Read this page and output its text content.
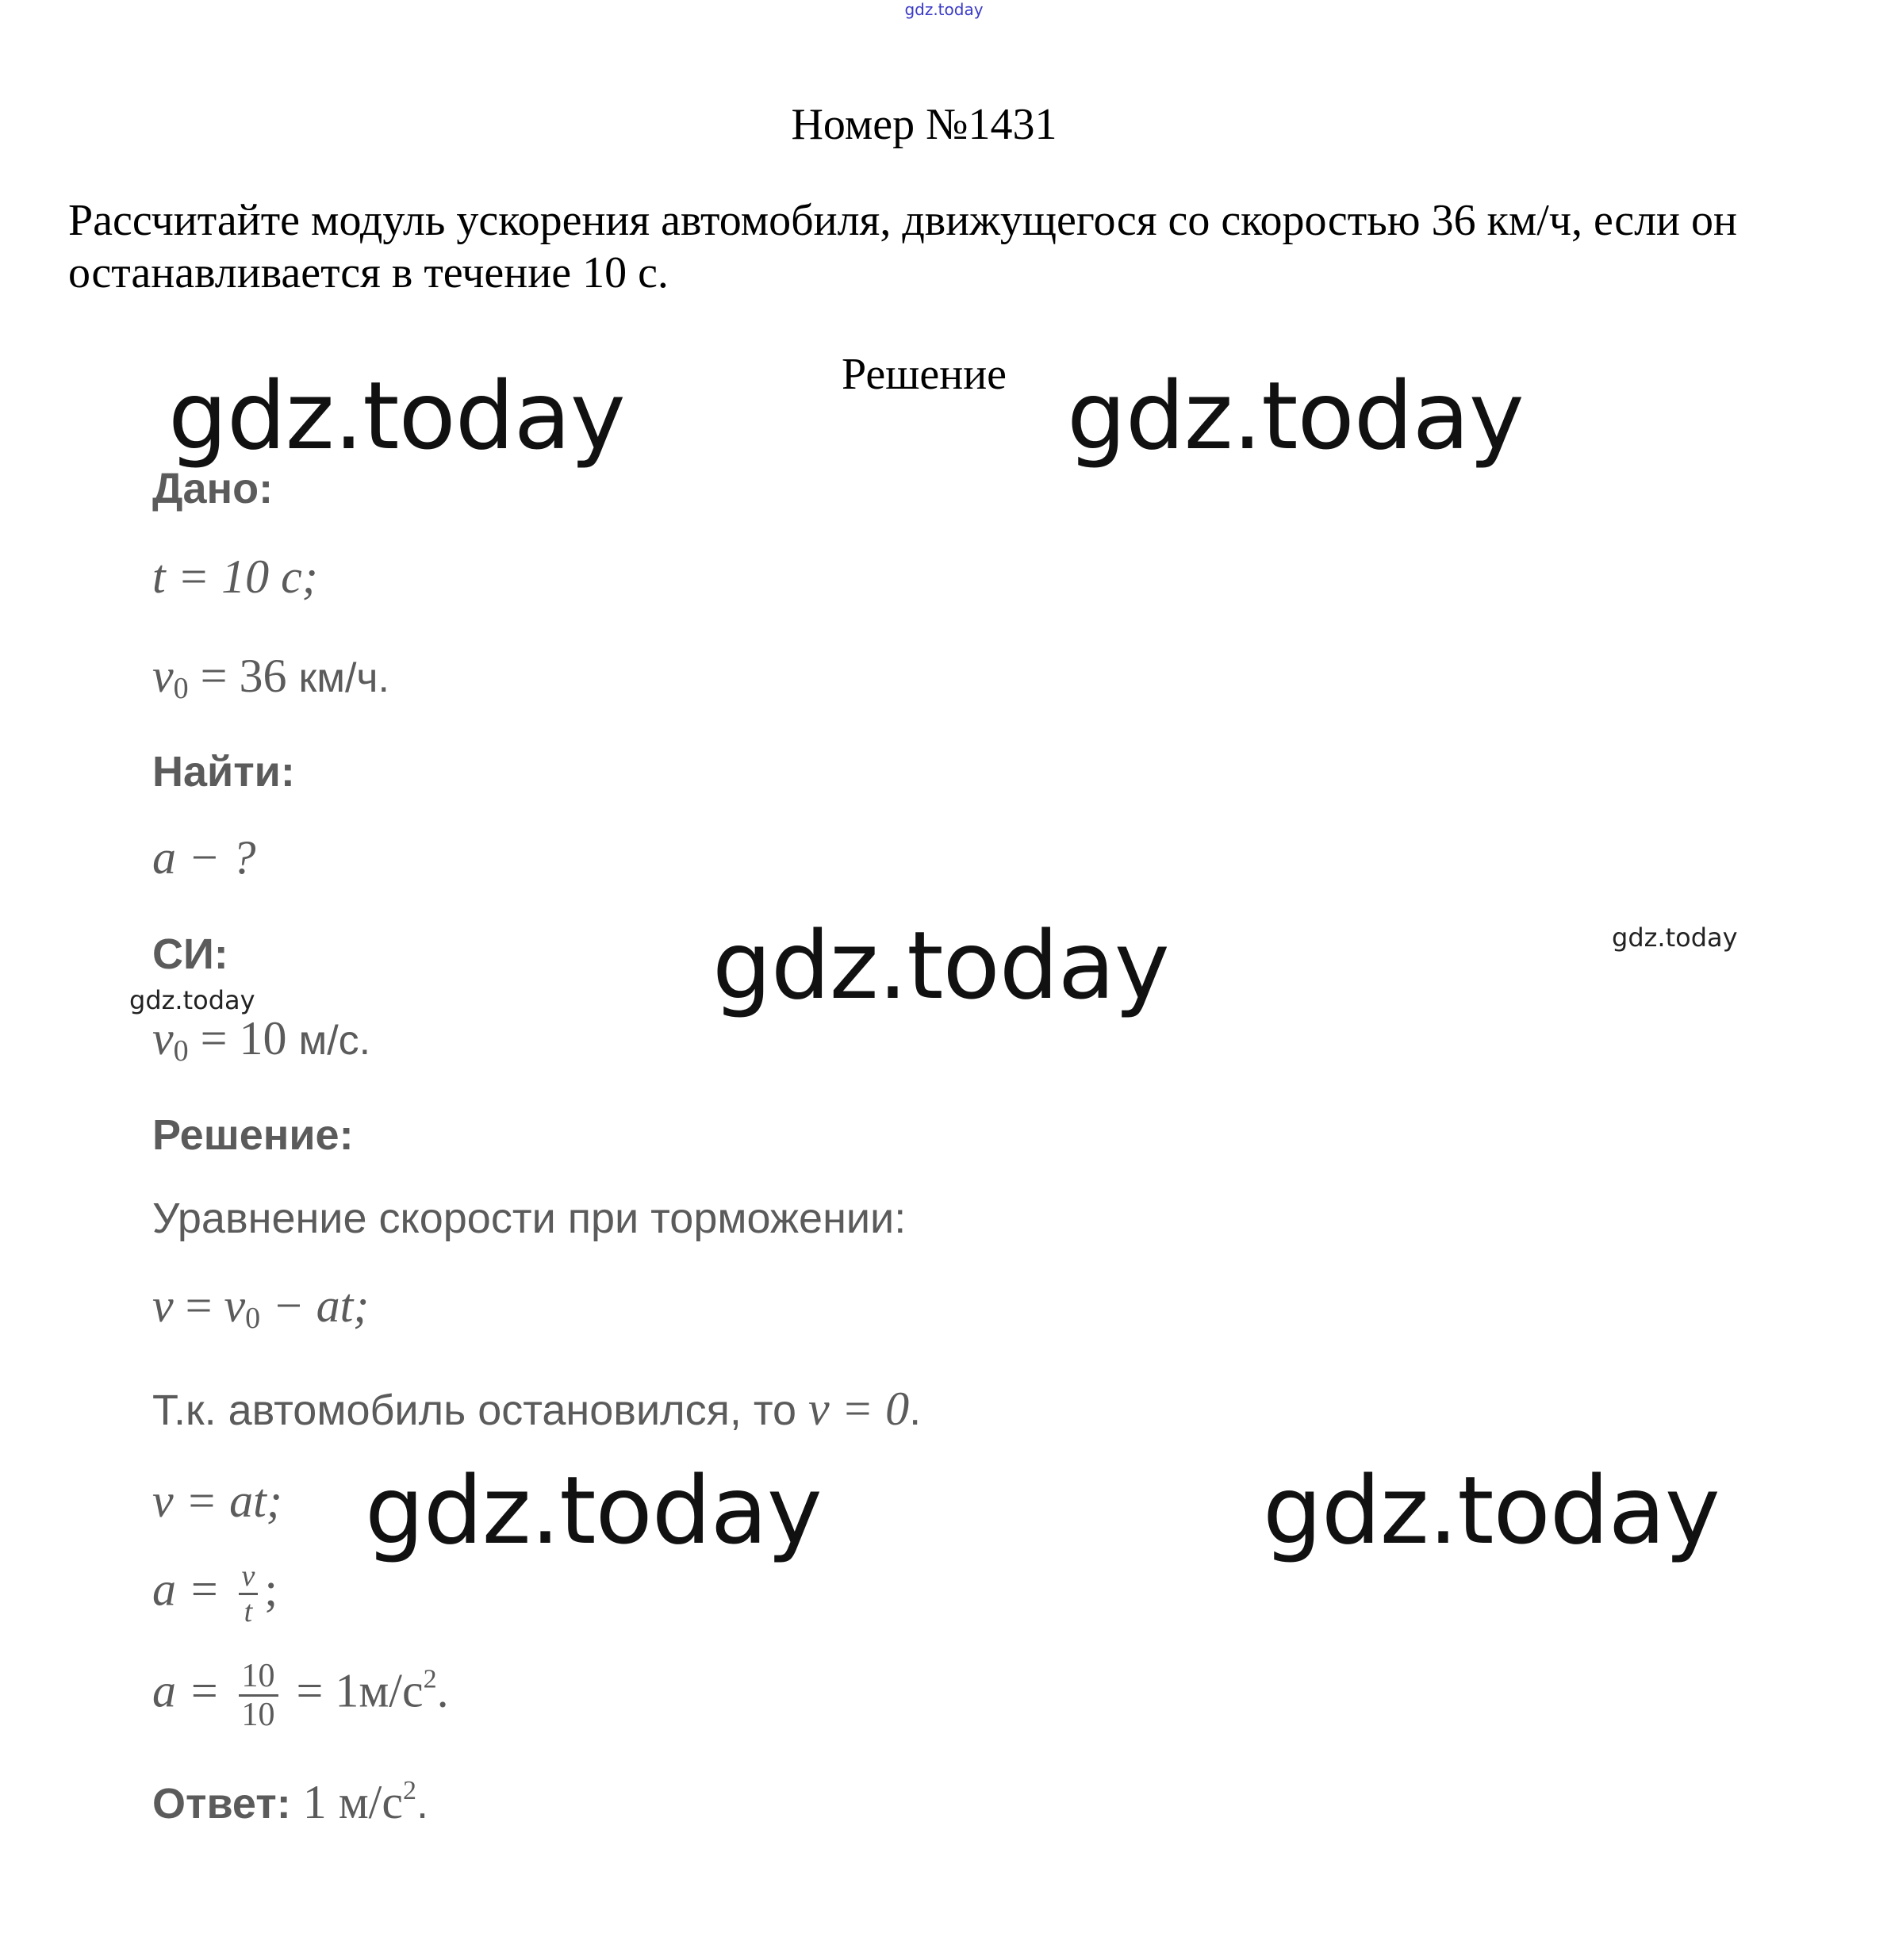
gdz.today
Номер №1431
Рассчитайте модуль ускорения автомобиля, движущегося со скоростью 36 км/ч, если он останавливается в течение 10 с.
Решение
Дано:
t = 10 c;
$v_0 = 36$ км/ч.
Найти:
a − ?
СИ:
$v_0 = 10$ м/с.
Решение:
Уравнение скорости при торможении:
$v = v_0$ − at;
Т.к. автомобиль остановился, то v = 0.
v = at;
$a = \frac{v}{t}$ ;
$a = \frac{10}{10} = 1м/с^2$.
Ответ: 1 $м/с^2$.
gdz.today	gdz.today
gdz.today
gdz.today	gdz.today
gdz.today
gdz.today
